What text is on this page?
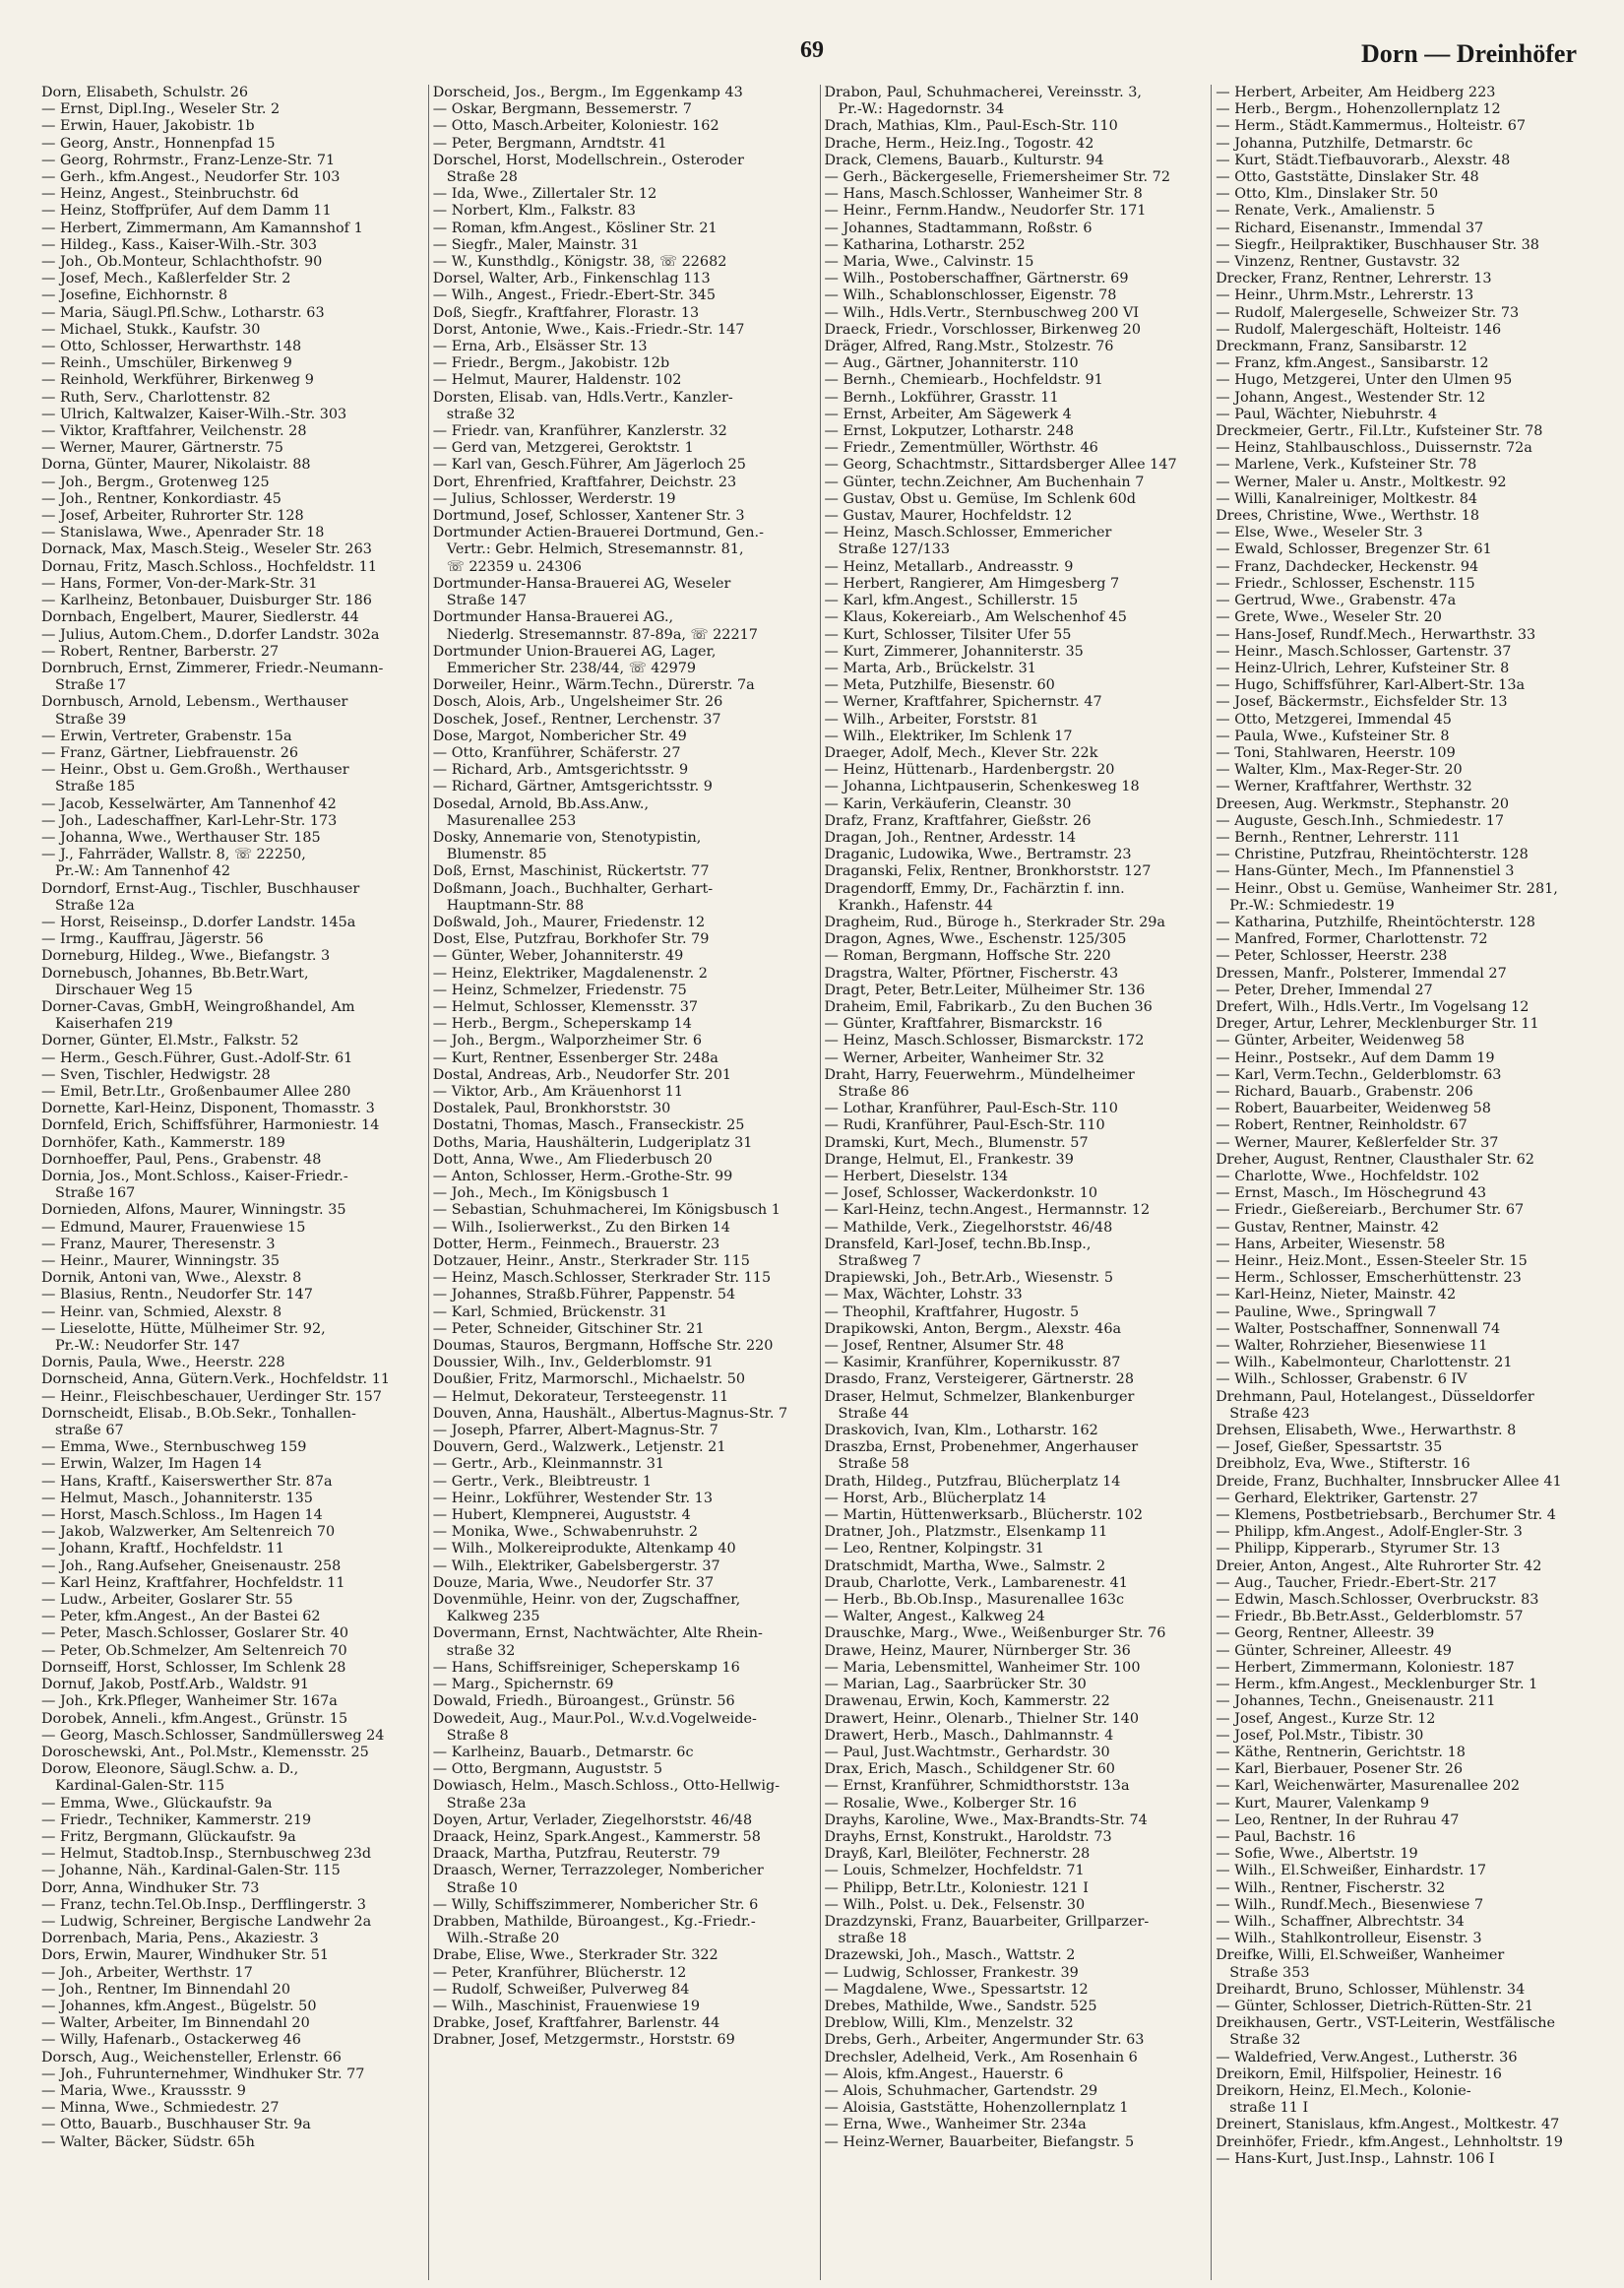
69	Dorn — Dreinhöfer
Dorn, Elisabeth, Schulstr. 26
— Ernst, Dipl.Ing., Weseler Str. 2
— Erwin, Hauer, Jakobistr. 1b
— Georg, Anstr., Honnenpfad 15
— Georg, Rohrmstr., Franz-Lenze-Str. 71
— Gerh., kfm.Angest., Neudorfer Str. 103
— Heinz, Angest., Steinbruchstr. 6d
— Heinz, Stoffprüfer, Auf dem Damm 11
— Herbert, Zimmermann, Am Kamannshof 1
— Hildeg., Kass., Kaiser-Wilh.-Str. 303
— Joh., Ob.Monteur, Schlachthofstr. 90
— Josef, Mech., Kaßlerfelder Str. 2
— Josefine, Eichhornstr. 8
— Maria, Säugl.Pfl.Schw., Lotharstr. 63
— Michael, Stukk., Kaufstr. 30
— Otto, Schlosser, Herwarthstr. 148
— Reinh., Umschüler, Birkenweg 9
— Reinhold, Werkführer, Birkenweg 9
— Ruth, Serv., Charlottenstr. 82
— Ulrich, Kaltwalzer, Kaiser-Wilh.-Str. 303
— Viktor, Kraftfahrer, Veilchenstr. 28
— Werner, Maurer, Gärtnerstr. 75
Dorna, Günter, Maurer, Nikolaistr. 88
— Joh., Bergm., Grotenweg 125
— Joh., Rentner, Konkordiastr. 45
— Josef, Arbeiter, Ruhrorter Str. 128
— Stanislawa, Wwe., Apenrader Str. 18
Dornack, Max, Masch.Steig., Weseler Str. 263
Dornau, Fritz, Masch.Schloss., Hochfeldstr. 11
— Hans, Former, Von-der-Mark-Str. 31
— Karlheinz, Betonbauer, Duisburger Str. 186
Dornbach, Engelbert, Maurer, Siedlerstr. 44
— Julius, Autom.Chem., D.dorfer Landstr. 302a
— Robert, Rentner, Barberstr. 27
Dornbruch, Ernst, Zimmerer, Friedr.-Neumann-
Straße 17
Dornbusch, Arnold, Lebensm., Werthauser
Straße 39
— Erwin, Vertreter, Grabenstr. 15a
— Franz, Gärtner, Liebfrauenstr. 26
— Heinr., Obst u. Gem.Großh., Werthauser
Straße 185
— Jacob, Kesselwärter, Am Tannenhof 42
— Joh., Ladeschaffner, Karl-Lehr-Str. 173
— Johanna, Wwe., Werthauser Str. 185
— J., Fahrräder, Wallstr. 8, ☏ 22250,
Pr.-W.: Am Tannenhof 42
Dorndorf, Ernst-Aug., Tischler, Buschhauser
Straße 12a
— Horst, Reiseinsp., D.dorfer Landstr. 145a
— Irmg., Kauffrau, Jägerstr. 56
Dorneburg, Hildeg., Wwe., Biefangstr. 3
Dornebusch, Johannes, Bb.Betr.Wart,
Dirschauer Weg 15
Dorner-Cavas, GmbH, Weingroßhandel, Am
Kaiserhafen 219
Dorner, Günter, El.Mstr., Falkstr. 52
— Herm., Gesch.Führer, Gust.-Adolf-Str. 61
— Sven, Tischler, Hedwigstr. 28
— Emil, Betr.Ltr., Großenbaumer Allee 280
Dornette, Karl-Heinz, Disponent, Thomasstr. 3
Dornfeld, Erich, Schiffsführer, Harmoniestr. 14
Dornhöfer, Kath., Kammerstr. 189
Dornhoeffer, Paul, Pens., Grabenstr. 48
Dornia, Jos., Mont.Schloss., Kaiser-Friedr.-
Straße 167
Dornieden, Alfons, Maurer, Winningstr. 35
— Edmund, Maurer, Frauenwiese 15
— Franz, Maurer, Theresenstr. 3
— Heinr., Maurer, Winningstr. 35
Dornik, Antoni van, Wwe., Alexstr. 8
— Blasius, Rentn., Neudorfer Str. 147
— Heinr. van, Schmied, Alexstr. 8
— Lieselotte, Hütte, Mülheimer Str. 92,
Pr.-W.: Neudorfer Str. 147
Dornis, Paula, Wwe., Heerstr. 228
Dornscheid, Anna, Gütern.Verk., Hochfeldstr. 11
— Heinr., Fleischbeschauer, Uerdinger Str. 157
Dornscheidt, Elisab., B.Ob.Sekr., Tonhallen-
straße 67
— Emma, Wwe., Sternbuschweg 159
— Erwin, Walzer, Im Hagen 14
— Hans, Kraftf., Kaiserswerther Str. 87a
— Helmut, Masch., Johanniterstr. 135
— Horst, Masch.Schloss., Im Hagen 14
— Jakob, Walzwerker, Am Seltenreich 70
— Johann, Kraftf., Hochfeldstr. 11
— Joh., Rang.Aufseher, Gneisenaustr. 258
— Karl Heinz, Kraftfahrer, Hochfeldstr. 11
— Ludw., Arbeiter, Goslarer Str. 55
— Peter, kfm.Angest., An der Bastei 62
— Peter, Masch.Schlosser, Goslarer Str. 40
— Peter, Ob.Schmelzer, Am Seltenreich 70
Dornseiff, Horst, Schlosser, Im Schlenk 28
Dornuf, Jakob, Postf.Arb., Waldstr. 91
— Joh., Krk.Pfleger, Wanheimer Str. 167a
Dorobek, Anneli., kfm.Angest., Grünstr. 15
— Georg, Masch.Schlosser, Sandmüllersweg 24
Doroschewski, Ant., Pol.Mstr., Klemensstr. 25
Dorow, Eleonore, Säugl.Schw. a. D.,
Kardinal-Galen-Str. 115
— Emma, Wwe., Glückaufstr. 9a
— Friedr., Techniker, Kammerstr. 219
— Fritz, Bergmann, Glückaufstr. 9a
— Helmut, Stadtob.Insp., Sternbuschweg 23d
— Johanne, Näh., Kardinal-Galen-Str. 115
Dorr, Anna, Windhuker Str. 73
— Franz, techn.Tel.Ob.Insp., Derfflingerstr. 3
— Ludwig, Schreiner, Bergische Landwehr 2a
Dorrenbach, Maria, Pens., Akaziestr. 3
Dors, Erwin, Maurer, Windhuker Str. 51
— Joh., Arbeiter, Werthstr. 17
— Joh., Rentner, Im Binnendahl 20
— Johannes, kfm.Angest., Bügelstr. 50
— Walter, Arbeiter, Im Binnendahl 20
— Willy, Hafenarb., Ostackerweg 46
Dorsch, Aug., Weichensteller, Erlenstr. 66
— Joh., Fuhrunternehmer, Windhuker Str. 77
— Maria, Wwe., Kraussstr. 9
— Minna, Wwe., Schmiedestr. 27
— Otto, Bauarb., Buschhauser Str. 9a
— Walter, Bäcker, Südstr. 65h
Dorscheid, Jos., Bergm., Im Eggenkamp 43
— Oskar, Bergmann, Bessemerstr. 7
— Otto, Masch.Arbeiter, Koloniestr. 162
— Peter, Bergmann, Arndtstr. 41
Dorschel, Horst, Modellschrein., Osteroder
Straße 28
— Ida, Wwe., Zillertaler Str. 12
— Norbert, Klm., Falkstr. 83
— Roman, kfm.Angest., Kösliner Str. 21
— Siegfr., Maler, Mainstr. 31
— W., Kunsthdlg., Königstr. 38, ☏ 22682
Dorsel, Walter, Arb., Finkenschlag 113
— Wilh., Angest., Friedr.-Ebert-Str. 345
Doß, Siegfr., Kraftfahrer, Florastr. 13
Dorst, Antonie, Wwe., Kais.-Friedr.-Str. 147
— Erna, Arb., Elsässer Str. 13
— Friedr., Bergm., Jakobistr. 12b
— Helmut, Maurer, Haldenstr. 102
Dorsten, Elisab. van, Hdls.Vertr., Kanzler-
straße 32
— Friedr. van, Kranführer, Kanzlerstr. 32
— Gerd van, Metzgerei, Geroktstr. 1
— Karl van, Gesch.Führer, Am Jägerloch 25
Dort, Ehrenfried, Kraftfahrer, Deichstr. 23
— Julius, Schlosser, Werderstr. 19
Dortmund, Josef, Schlosser, Xantener Str. 3
Dortmunder Actien-Brauerei Dortmund, Gen.-
Vertr.: Gebr. Helmich, Stresemannstr. 81,
☏ 22359 u. 24306
Dortmunder-Hansa-Brauerei AG, Weseler
Straße 147
Dortmunder Hansa-Brauerei AG.,
Niederlg. Stresemannstr. 87-89a, ☏ 22217
Dortmunder Union-Brauerei AG, Lager,
Emmericher Str. 238/44, ☏ 42979
Dorweiler, Heinr., Wärm.Techn., Dürerstr. 7a
Dosch, Alois, Arb., Ungelsheimer Str. 26
Doschek, Josef., Rentner, Lerchenstr. 37
Dose, Margot, Nombericher Str. 49
— Otto, Kranführer, Schäferstr. 27
— Richard, Arb., Amtsgerichtsstr. 9
— Richard, Gärtner, Amtsgerichtsstr. 9
Dosedal, Arnold, Bb.Ass.Anw.,
Masurenallee 253
Dosky, Annemarie von, Stenotypistin,
Blumenstr. 85
Doß, Ernst, Maschinist, Rückertstr. 77
Doßmann, Joach., Buchhalter, Gerhart-
Hauptmann-Str. 88
Doßwald, Joh., Maurer, Friedenstr. 12
Dost, Else, Putzfrau, Borkhofer Str. 79
— Günter, Weber, Johanniterstr. 49
— Heinz, Elektriker, Magdalenenstr. 2
— Heinz, Schmelzer, Friedenstr. 75
— Helmut, Schlosser, Klemensstr. 37
— Herb., Bergm., Scheperskamp 14
— Joh., Bergm., Walporzheimer Str. 6
— Kurt, Rentner, Essenberger Str. 248a
Dostal, Andreas, Arb., Neudorfer Str. 201
— Viktor, Arb., Am Kräuenhorst 11
Dostalek, Paul, Bronkhorststr. 30
Dostatni, Thomas, Masch., Franseckistr. 25
Doths, Maria, Haushälterin, Ludgeriplatz 31
Dott, Anna, Wwe., Am Fliederbusch 20
— Anton, Schlosser, Herm.-Grothe-Str. 99
— Joh., Mech., Im Königsbusch 1
— Sebastian, Schuhmacherei, Im Königsbusch 1
— Wilh., Isolierwerkst., Zu den Birken 14
Dotter, Herm., Feinmech., Brauerstr. 23
Dotzauer, Heinr., Anstr., Sterkrader Str. 115
— Heinz, Masch.Schlosser, Sterkrader Str. 115
— Johannes, Straßb.Führer, Pappenstr. 54
— Karl, Schmied, Brückenstr. 31
— Peter, Schneider, Gitschiner Str. 21
Doumas, Stauros, Bergmann, Hoffsche Str. 220
Doussier, Wilh., Inv., Gelderblomstr. 91
Doußier, Fritz, Marmorschl., Michaelstr. 50
— Helmut, Dekorateur, Tersteegenstr. 11
Douven, Anna, Haushält., Albertus-Magnus-Str. 7
— Joseph, Pfarrer, Albert-Magnus-Str. 7
Douvern, Gerd., Walzwerk., Letjenstr. 21
— Gertr., Arb., Kleinmannstr. 31
— Gertr., Verk., Bleibtreustr. 1
— Heinr., Lokführer, Westender Str. 13
— Hubert, Klempnerei, Auguststr. 4
— Monika, Wwe., Schwabenruhstr. 2
— Wilh., Molkereiprodukte, Altenkamp 40
— Wilh., Elektriker, Gabelsbergerstr. 37
Douze, Maria, Wwe., Neudorfer Str. 37
Dovenmühle, Heinr. von der, Zugschaffner,
Kalkweg 235
Dovermann, Ernst, Nachtwächter, Alte Rhein-
straße 32
— Hans, Schiffsreiniger, Scheperskamp 16
— Marg., Spichernstr. 69
Dowald, Friedh., Büroangest., Grünstr. 56
Dowedeit, Aug., Maur.Pol., W.v.d.Vogelweide-
Straße 8
— Karlheinz, Bauarb., Detmarstr. 6c
— Otto, Bergmann, Auguststr. 5
Dowiasch, Helm., Masch.Schloss., Otto-Hellwig-
Straße 23a
Doyen, Artur, Verlader, Ziegelhorststr. 46/48
Draack, Heinz, Spark.Angest., Kammerstr. 58
Draack, Martha, Putzfrau, Reuterstr. 79
Draasch, Werner, Terrazzoleger, Nombericher
Straße 10
— Willy, Schiffszimmerer, Nombericher Str. 6
Drabben, Mathilde, Büroangest., Kg.-Friedr.-
Wilh.-Straße 20
Drabe, Elise, Wwe., Sterkrader Str. 322
— Peter, Kranführer, Blücherstr. 12
— Rudolf, Schweißer, Pulverweg 84
— Wilh., Maschinist, Frauenwiese 19
Drabke, Josef, Kraftfahrer, Barlenstr. 44
Drabner, Josef, Metzgermstr., Horststr. 69
Drabon, Paul, Schuhmacherei, Vereinsstr. 3,
Pr.-W.: Hagedornstr. 34
Drach, Mathias, Klm., Paul-Esch-Str. 110
Drache, Herm., Heiz.Ing., Togostr. 42
Drack, Clemens, Bauarb., Kulturstr. 94
— Gerh., Bäckergeselle, Friemersheimer Str. 72
— Hans, Masch.Schlosser, Wanheimer Str. 8
— Heinr., Fernm.Handw., Neudorfer Str. 171
— Johannes, Stadtammann, Roßstr. 6
— Katharina, Lotharstr. 252
— Maria, Wwe., Calvinstr. 15
— Wilh., Postoberschaffner, Gärtnerstr. 69
— Wilh., Schablonschlosser, Eigenstr. 78
— Wilh., Hdls.Vertr., Sternbuschweg 200 VI
Draeck, Friedr., Vorschlosser, Birkenweg 20
Dräger, Alfred, Rang.Mstr., Stolzestr. 76
— Aug., Gärtner, Johanniterstr. 110
— Bernh., Chemiearb., Hochfeldstr. 91
— Bernh., Lokführer, Grasstr. 11
— Ernst, Arbeiter, Am Sägewerk 4
— Ernst, Lokputzer, Lotharstr. 248
— Friedr., Zementmüller, Wörthstr. 46
— Georg, Schachtmstr., Sittardsberger Allee 147
— Günter, techn.Zeichner, Am Buchenhain 7
— Gustav, Obst u. Gemüse, Im Schlenk 60d
— Gustav, Maurer, Hochfeldstr. 12
— Heinz, Masch.Schlosser, Emmericher
Straße 127/133
— Heinz, Metallarb., Andreasstr. 9
— Herbert, Rangierer, Am Himgesberg 7
— Karl, kfm.Angest., Schillerstr. 15
— Klaus, Kokereiarb., Am Welschenhof 45
— Kurt, Schlosser, Tilsiter Ufer 55
— Kurt, Zimmerer, Johanniterstr. 35
— Marta, Arb., Brückelstr. 31
— Meta, Putzhilfe, Biesenstr. 60
— Werner, Kraftfahrer, Spichernstr. 47
— Wilh., Arbeiter, Forststr. 81
— Wilh., Elektriker, Im Schlenk 17
Draeger, Adolf, Mech., Klever Str. 22k
— Heinz, Hüttenarb., Hardenbergstr. 20
— Johanna, Lichtpauserin, Schenkesweg 18
— Karin, Verkäuferin, Cleanstr. 30
Drafz, Franz, Kraftfahrer, Gießstr. 26
Dragan, Joh., Rentner, Ardesstr. 14
Draganic, Ludowika, Wwe., Bertramstr. 23
Draganski, Felix, Rentner, Bronkhorststr. 127
Dragendorff, Emmy, Dr., Fachärztin f. inn.
Krankh., Hafenstr. 44
Dragheim, Rud., Büroge h., Sterkrader Str. 29a
Dragon, Agnes, Wwe., Eschenstr. 125/305
— Roman, Bergmann, Hoffsche Str. 220
Dragstra, Walter, Pförtner, Fischerstr. 43
Dragt, Peter, Betr.Leiter, Mülheimer Str. 136
Draheim, Emil, Fabrikarb., Zu den Buchen 36
— Günter, Kraftfahrer, Bismarckstr. 16
— Heinz, Masch.Schlosser, Bismarckstr. 172
— Werner, Arbeiter, Wanheimer Str. 32
Draht, Harry, Feuerwehrm., Mündelheimer
Straße 86
— Lothar, Kranführer, Paul-Esch-Str. 110
— Rudi, Kranführer, Paul-Esch-Str. 110
Dramski, Kurt, Mech., Blumenstr. 57
Drange, Helmut, El., Frankestr. 39
— Herbert, Dieselstr. 134
— Josef, Schlosser, Wackerdonkstr. 10
— Karl-Heinz, techn.Angest., Hermannstr. 12
— Mathilde, Verk., Ziegelhorststr. 46/48
Dransfeld, Karl-Josef, techn.Bb.Insp.,
Straßweg 7
Drapiewski, Joh., Betr.Arb., Wiesenstr. 5
— Max, Wächter, Lohstr. 33
— Theophil, Kraftfahrer, Hugostr. 5
Drapikowski, Anton, Bergm., Alexstr. 46a
— Josef, Rentner, Alsumer Str. 48
— Kasimir, Kranführer, Kopernikusstr. 87
Drasdo, Franz, Versteigerer, Gärtnerstr. 28
Draser, Helmut, Schmelzer, Blankenburger
Straße 44
Draskovich, Ivan, Klm., Lotharstr. 162
Draszba, Ernst, Probenehmer, Angerhauser
Straße 58
Drath, Hildeg., Putzfrau, Blücherplatz 14
— Horst, Arb., Blücherplatz 14
— Martin, Hüttenwerksarb., Blücherstr. 102
Dratner, Joh., Platzmstr., Elsenkamp 11
— Leo, Rentner, Kolpingstr. 31
Dratschmidt, Martha, Wwe., Salmstr. 2
Draub, Charlotte, Verk., Lambarenestr. 41
— Herb., Bb.Ob.Insp., Masurenallee 163c
— Walter, Angest., Kalkweg 24
Drauschke, Marg., Wwe., Weißenburger Str. 76
Drawe, Heinz, Maurer, Nürnberger Str. 36
— Maria, Lebensmittel, Wanheimer Str. 100
— Marian, Lag., Saarbrücker Str. 30
Drawenau, Erwin, Koch, Kammerstr. 22
Drawert, Heinr., Olenarb., Thielner Str. 140
Drawert, Herb., Masch., Dahlmannstr. 4
— Paul, Just.Wachtmstr., Gerhardstr. 30
Drax, Erich, Masch., Schildgener Str. 60
— Ernst, Kranführer, Schmidthorststr. 13a
— Rosalie, Wwe., Kolberger Str. 16
Drayhs, Karoline, Wwe., Max-Brandts-Str. 74
Drayhs, Ernst, Konstrukt., Haroldstr. 73
Drayß, Karl, Bleilöter, Fechnerstr. 28
— Louis, Schmelzer, Hochfeldstr. 71
— Philipp, Betr.Ltr., Koloniestr. 121 I
— Wilh., Polst. u. Dek., Felsenstr. 30
Drazdzynski, Franz, Bauarbeiter, Grillparzer-
straße 18
Drazewski, Joh., Masch., Wattstr. 2
— Ludwig, Schlosser, Frankestr. 39
— Magdalene, Wwe., Spessartstr. 12
Drebes, Mathilde, Wwe., Sandstr. 525
Dreblow, Willi, Klm., Menzelstr. 32
Drebs, Gerh., Arbeiter, Angermunder Str. 63
Drechsler, Adelheid, Verk., Am Rosenhain 6
— Alois, kfm.Angest., Hauerstr. 6
— Alois, Schuhmacher, Gartendstr. 29
— Aloisia, Gaststätte, Hohenzollernplatz 1
— Erna, Wwe., Wanheimer Str. 234a
— Heinz-Werner, Bauarbeiter, Biefangstr. 5
— Herbert, Arbeiter, Am Heidberg 223
— Herb., Bergm., Hohenzollernplatz 12
— Herm., Städt.Kammermus., Holteistr. 67
— Johanna, Putzhilfe, Detmarstr. 6c
— Kurt, Städt.Tiefbauvorarb., Alexstr. 48
— Otto, Gaststätte, Dinslaker Str. 48
— Otto, Klm., Dinslaker Str. 50
— Renate, Verk., Amalienstr. 5
— Richard, Eisenanstr., Immendal 37
— Siegfr., Heilpraktiker, Buschhauser Str. 38
— Vinzenz, Rentner, Gustavstr. 32
Drecker, Franz, Rentner, Lehrerstr. 13
— Heinr., Uhrm.Mstr., Lehrerstr. 13
— Rudolf, Malergeselle, Schweizer Str. 73
— Rudolf, Malergeschäft, Holteistr. 146
Dreckmann, Franz, Sansibarstr. 12
— Franz, kfm.Angest., Sansibarstr. 12
— Hugo, Metzgerei, Unter den Ulmen 95
— Johann, Angest., Westender Str. 12
— Paul, Wächter, Niebuhrstr. 4
Dreckmeier, Gertr., Fil.Ltr., Kufsteiner Str. 78
— Heinz, Stahlbauschloss., Duissernstr. 72a
— Marlene, Verk., Kufsteiner Str. 78
— Werner, Maler u. Anstr., Moltkestr. 92
— Willi, Kanalreiniger, Moltkestr. 84
Drees, Christine, Wwe., Werthstr. 18
— Else, Wwe., Weseler Str. 3
— Ewald, Schlosser, Bregenzer Str. 61
— Franz, Dachdecker, Heckenstr. 94
— Friedr., Schlosser, Eschenstr. 115
— Gertrud, Wwe., Grabenstr. 47a
— Grete, Wwe., Weseler Str. 20
— Hans-Josef, Rundf.Mech., Herwarthstr. 33
— Heinr., Masch.Schlosser, Gartenstr. 37
— Heinz-Ulrich, Lehrer, Kufsteiner Str. 8
— Hugo, Schiffsführer, Karl-Albert-Str. 13a
— Josef, Bäckermstr., Eichsfelder Str. 13
— Otto, Metzgerei, Immendal 45
— Paula, Wwe., Kufsteiner Str. 8
— Toni, Stahlwaren, Heerstr. 109
— Walter, Klm., Max-Reger-Str. 20
— Werner, Kraftfahrer, Werthstr. 32
Dreesen, Aug. Werkmstr., Stephanstr. 20
— Auguste, Gesch.Inh., Schmiedestr. 17
— Bernh., Rentner, Lehrerstr. 111
— Christine, Putzfrau, Rheintöchterstr. 128
— Hans-Günter, Mech., Im Pfannenstiel 3
— Heinr., Obst u. Gemüse, Wanheimer Str. 281,
Pr.-W.: Schmiedestr. 19
— Katharina, Putzhilfe, Rheintöchterstr. 128
— Manfred, Former, Charlottenstr. 72
— Peter, Schlosser, Heerstr. 238
Dressen, Manfr., Polsterer, Immendal 27
— Peter, Dreher, Immendal 27
Drefert, Wilh., Hdls.Vertr., Im Vogelsang 12
Dreger, Artur, Lehrer, Mecklenburger Str. 11
— Günter, Arbeiter, Weidenweg 58
— Heinr., Postsekr., Auf dem Damm 19
— Karl, Verm.Techn., Gelderblomstr. 63
— Richard, Bauarb., Grabenstr. 206
— Robert, Bauarbeiter, Weidenweg 58
— Robert, Rentner, Reinholdstr. 67
— Werner, Maurer, Keßlerfelder Str. 37
Dreher, August, Rentner, Clausthaler Str. 62
— Charlotte, Wwe., Hochfeldstr. 102
— Ernst, Masch., Im Höschegrund 43
— Friedr., Gießereiarb., Berchumer Str. 67
— Gustav, Rentner, Mainstr. 42
— Hans, Arbeiter, Wiesenstr. 58
— Heinr., Heiz.Mont., Essen-Steeler Str. 15
— Herm., Schlosser, Emscherhüttenstr. 23
— Karl-Heinz, Nieter, Mainstr. 42
— Pauline, Wwe., Springwall 7
— Walter, Postschaffner, Sonnenwall 74
— Walter, Rohrzieher, Biesenwiese 11
— Wilh., Kabelmonteur, Charlottenstr. 21
— Wilh., Schlosser, Grabenstr. 6 IV
Drehmann, Paul, Hotelangest., Düsseldorfer
Straße 423
Drehsen, Elisabeth, Wwe., Herwarthstr. 8
— Josef, Gießer, Spessartstr. 35
Dreibholz, Eva, Wwe., Stifterstr. 16
Dreide, Franz, Buchhalter, Innsbrucker Allee 41
— Gerhard, Elektriker, Gartenstr. 27
— Klemens, Postbetriebsarb., Berchumer Str. 4
— Philipp, kfm.Angest., Adolf-Engler-Str. 3
— Philipp, Kipperarb., Styrumer Str. 13
Dreier, Anton, Angest., Alte Ruhrorter Str. 42
— Aug., Taucher, Friedr.-Ebert-Str. 217
— Edwin, Masch.Schlosser, Overbruckstr. 83
— Friedr., Bb.Betr.Asst., Gelderblomstr. 57
— Georg, Rentner, Alleestr. 39
— Günter, Schreiner, Alleestr. 49
— Herbert, Zimmermann, Koloniestr. 187
— Herm., kfm.Angest., Mecklenburger Str. 1
— Johannes, Techn., Gneisenaustr. 211
— Josef, Angest., Kurze Str. 12
— Josef, Pol.Mstr., Tibistr. 30
— Käthe, Rentnerin, Gerichtstr. 18
— Karl, Bierbauer, Posener Str. 26
— Karl, Weichenwärter, Masurenallee 202
— Kurt, Maurer, Valenkamp 9
— Leo, Rentner, In der Ruhrau 47
— Paul, Bachstr. 16
— Sofie, Wwe., Albertstr. 19
— Wilh., El.Schweißer, Einhardstr. 17
— Wilh., Rentner, Fischerstr. 32
— Wilh., Rundf.Mech., Biesenwiese 7
— Wilh., Schaffner, Albrechtstr. 34
— Wilh., Stahlkontrolleur, Eisenstr. 3
Dreifke, Willi, El.Schweißer, Wanheimer
Straße 353
Dreihardt, Bruno, Schlosser, Mühlenstr. 34
— Günter, Schlosser, Dietrich-Rütten-Str. 21
Dreikhausen, Gertr., VST-Leiterin, Westfälische
Straße 32
— Waldefried, Verw.Angest., Lutherstr. 36
Dreikorn, Emil, Hilfspolier, Heinestr. 16
Dreikorn, Heinz, El.Mech., Kolonie-
straße 11 I
Dreinert, Stanislaus, kfm.Angest., Moltkestr. 47
Dreinhöfer, Friedr., kfm.Angest., Lehnholtstr. 19
— Hans-Kurt, Just.Insp., Lahnstr. 106 I
